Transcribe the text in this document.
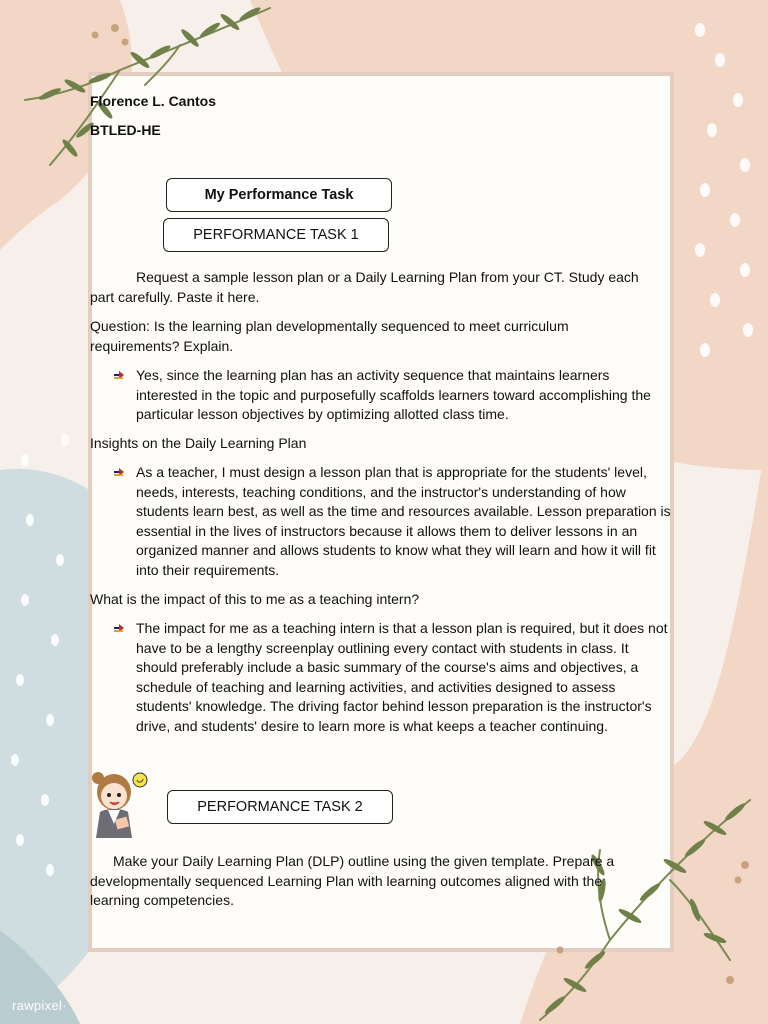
Florence L. Cantos

BTLED-HE

My Performance Task
PERFORMANCE TASK 1

Request a sample lesson plan or a Daily Learning Plan from your CT. Study each part carefully. Paste it here.

Question: Is the learning plan developmentally sequenced to meet curriculum requirements? Explain.

Yes, since the learning plan has an activity sequence that maintains learners interested in the topic and purposefully scaffolds learners toward accomplishing the particular lesson objectives by optimizing allotted class time.

Insights on the Daily Learning Plan

As a teacher, I must design a lesson plan that is appropriate for the students' level, needs, interests, teaching conditions, and the instructor's understanding of how students learn best, as well as the time and resources available. Lesson preparation is essential in the lives of instructors because it allows them to deliver lessons in an organized manner and allows students to know what they will learn and how it will fit into their requirements.

What is the impact of this to me as a teaching intern?

The impact for me as a teaching intern is that a lesson plan is required, but it does not have to be a lengthy screenplay outlining every contact with students in class. It should preferably include a basic summary of the course's aims and objectives, a schedule of teaching and learning activities, and activities designed to assess students' knowledge. The driving factor behind lesson preparation is the instructor's drive, and students' desire to learn more is what keeps a teacher continuing.
PERFORMANCE TASK 2

Make your Daily Learning Plan (DLP) outline using the given template. Prepare a developmentally sequenced Learning Plan with learning outcomes aligned with the learning competencies.

rawpixel·
